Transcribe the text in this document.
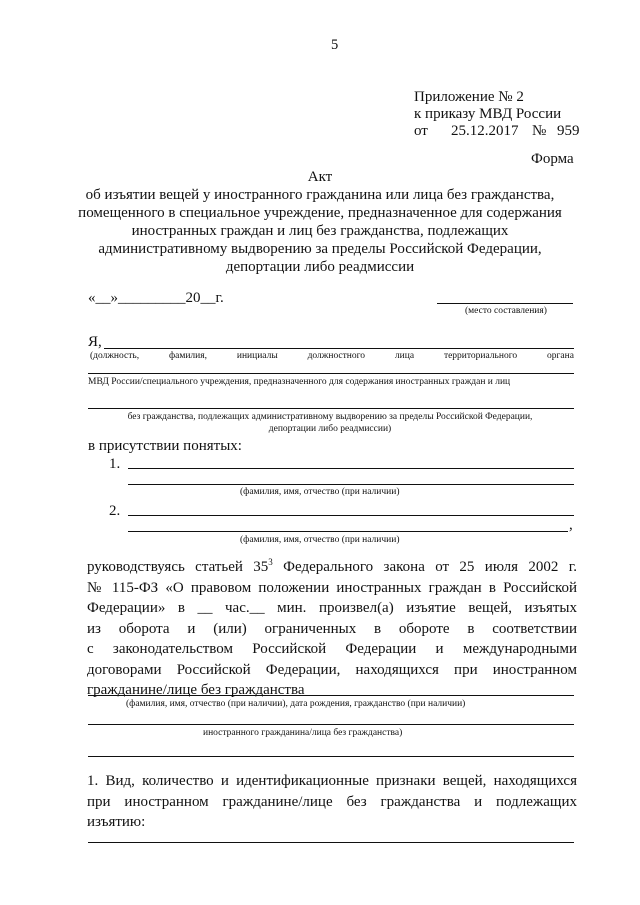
5
Приложение № 2
к приказу МВД России
от 25.12.2017 № 959
Форма
Акт
об изъятии вещей у иностранного гражданина или лица без гражданства,
помещенного в специальное учреждение, предназначенное для содержания
иностранных граждан и лиц без гражданства, подлежащих
административному выдворению за пределы Российской Федерации,
депортации либо реадмиссии
«__»_________20__г.
(место составления)
Я,
(должность,	фамилия,	инициалы	должностного	лица	территориального	органа
МВД России/специального учреждения, предназначенного для содержания иностранных граждан и лиц
без гражданства, подлежащих административному выдворению за пределы Российской Федерации,
депортации либо реадмиссии)
в присутствии понятых:
1.
(фамилия, имя, отчество (при наличии)
2.
,
(фамилия, имя, отчество (при наличии)
руководствуясь статьей $35^3$ Федерального закона от 25 июля 2002 г.
№ 115-ФЗ «О правовом положении иностранных граждан в Российской
Федерации» в __ час.__ мин. произвел(а) изъятие вещей, изъятых
из оборота и (или) ограниченных в обороте в соответствии
с законодательством Российской Федерации и международными
договорами Российской Федерации, находящихся при иностранном
гражданине/лице без гражданства
(фамилия, имя, отчество (при наличии), дата рождения, гражданство (при наличии)
иностранного гражданина/лица без гражданства)
1. Вид, количество и идентификационные признаки вещей, находящихся
при иностранном гражданине/лице без гражданства и подлежащих
изъятию:
